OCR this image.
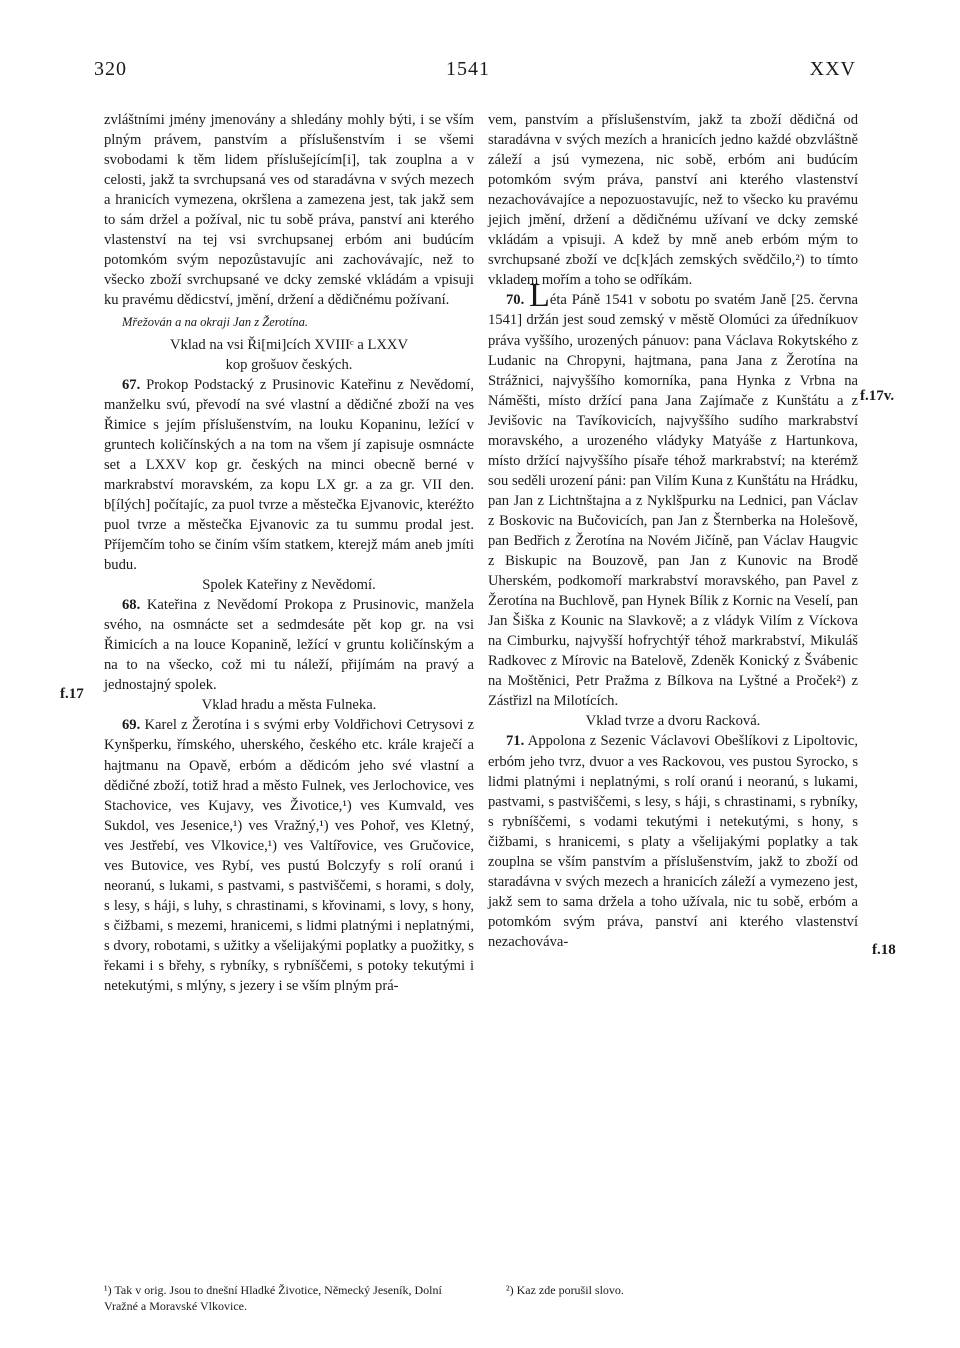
320	1541	XXV

zvláštními jmény jmenovány a shledány mohly býti, i se vším plným právem, panstvím a příslušenstvím i se všemi svobodami k těm lidem příslušejícím[i], tak zouplna a v celosti, jakž ta svrchupsaná ves od staradávna v svých mezech a hranicích vymezena, okršlena a zamezena jest, tak jakž sem to sám držel a požíval, nic tu sobě práva, panství ani kterého vlastenství na tej vsi svrchupsanej erbóm ani budúcím potomkóm svým nepozůstavujíc ani zachovávajíc, než to všecko zboží svrchupsané ve dcky zemské vkládám a vpisuji ku pravému dědicství, jmění, držení a dědičnému požívaní.

Mřežován a na okraji Jan z Žerotína.

Vklad na vsi Ři[mi]cích XVIIIᶜ a LXXV

kop grošuov českých.

67. Prokop Podstacký z Prusinovic Kateřinu z Nevědomí, manželku svú, převodí na své vlastní a dědičné zboží na ves Řimice s jejím příslušenstvím, na louku Kopaninu, ležící v gruntech količínských a na tom na všem jí zapisuje osmnácte set a LXXV kop gr. českých na minci obecně berné v markrabství moravském, za kopu LX gr. a za gr. VII den. b[ílých] počítajíc, za puol tvrze a městečka Ejvanovic, kteréžto puol tvrze a městečka Ejvanovic za tu summu prodal jest. Příjemčím toho se činím vším statkem, kterejž mám aneb jmíti budu.

Spolek Kateřiny z Nevědomí.

68. Kateřina z Nevědomí Prokopa z Prusinovic, manžela svého, na osmnácte set a sedmdesáte pět kop gr. na vsi Řimicích a na louce Kopanině, ležící v gruntu količínským a na to na všecko, což mi tu náleží, přijímám na pravý a jednostajný spolek.

Vklad hradu a města Fulneka.

69. Karel z Žerotína i s svými erby Voldřichovi Cetrysovi z Kynšperku, římského, uherského, českého etc. krále kraječí a hajtmanu na Opavě, erbóm a dědicóm jeho své vlastní a dědičné zboží, totiž hrad a město Fulnek, ves Jerlochovice, ves Stachovice, ves Kujavy, ves Životice,¹) ves Kumvald, ves Sukdol, ves Jesenice,¹) ves Vražný,¹) ves Pohoř, ves Kletný, ves Jestřebí, ves Vlkovice,¹) ves Valtířovice, ves Gručovice, ves Butovice, ves Rybí, ves pustú Bolczyfy s rolí oranú i neoranú, s lukami, s pastvami, s pastviščemi, s horami, s doly, s lesy, s háji, s luhy, s chrastinami, s křovinami, s lovy, s hony, s čižbami, s mezemi, hranicemi, s lidmi platnými i neplatnými, s dvory, robotami, s užitky a všelijakými poplatky a puožitky, s řekami i s břehy, s rybníky, s rybníščemi, s potoky tekutými i netekutými, s mlýny, s jezery i se vším plným prá-

vem, panstvím a příslušenstvím, jakž ta zboží dědičná od staradávna v svých mezích a hranicích jedno každé obzvláštně záleží a jsú vymezena, nic sobě, erbóm ani budúcím potomkóm svým práva, panství ani kterého vlastenství nezachovávajíce a nepozuostavujíc, než to všecko ku pravému jejich jmění, držení a dědičnému užívaní ve dcky zemské vkládám a vpisuji. A kdež by mně aneb erbóm mým to svrchupsané zboží ve dc[k]ách zemských svědčilo,²) to tímto vkladem mořím a toho se odříkám.

70. Léta Páně 1541 v sobotu po svatém Janě [25. června 1541] držán jest soud zemský v městě Olomúci za úředníkuov práva vyššího, urozených pánuov: pana Václava Rokytského z Ludanic na Chropyni, hajtmana, pana Jana z Žerotína na Strážnici, najvyššího komorníka, pana Hynka z Vrbna na Náměšti, místo držící pana Jana Zajímače z Kunštátu a z Jevišovic na Tavíkovicích, najvyššího sudího markrabství moravského, a urozeného vládyky Matyáše z Hartunkova, místo držící najvyššího písaře téhož markrabství; na kterémž sou seděli urození páni: pan Vilím Kuna z Kunštátu na Hrádku, pan Jan z Lichtnštajna a z Nyklšpurku na Lednici, pan Václav z Boskovic na Bučovicích, pan Jan z Šternberka na Holešově, pan Bedřich z Žerotína na Novém Jičíně, pan Václav Haugvic z Biskupic na Bouzově, pan Jan z Kunovic na Brodě Uherském, podkomoří markrabství moravského, pan Pavel z Žerotína na Buchlově, pan Hynek Bílik z Kornic na Veselí, pan Jan Šiška z Kounic na Slavkově; a z vládyk Vilím z Víckova na Cimburku, najvyšší hofrychtýř téhož markrabství, Mikuláš Radkovec z Mírovic na Batelově, Zdeněk Konický z Švábenic na Moštěnici, Petr Pražma z Bílkova na Lyštné a Proček²) z Zástřizl na Milotících.

Vklad tvrze a dvoru Racková.

71. Appolona z Sezenic Václavovi Obešlíkovi z Lipoltovic, erbóm jeho tvrz, dvuor a ves Rackovou, ves pustou Syrocko, s lidmi platnými i neplatnými, s rolí oranú i neoranú, s lukami, pastvami, s pastviščemi, s lesy, s háji, s chrastinami, s rybníky, s rybníščemi, s vodami tekutými i netekutými, s hony, s čižbami, s hranicemi, s platy a všelijakými poplatky a tak zouplna se vším panstvím a příslušenstvím, jakž to zboží od staradávna v svých mezech a hranicích záleží a vymezeno jest, jakž sem to sama držela a toho užívala, nic tu sobě, erbóm a potomkóm svým práva, panství ani kterého vlastenství nezachováva-

f.17
f.17v.
f.18
¹) Tak v orig. Jsou to dnešní Hladké Životice, Německý Jeseník, Dolní Vražné a Moravské Vlkovice.
²) Kaz zde porušil slovo.
